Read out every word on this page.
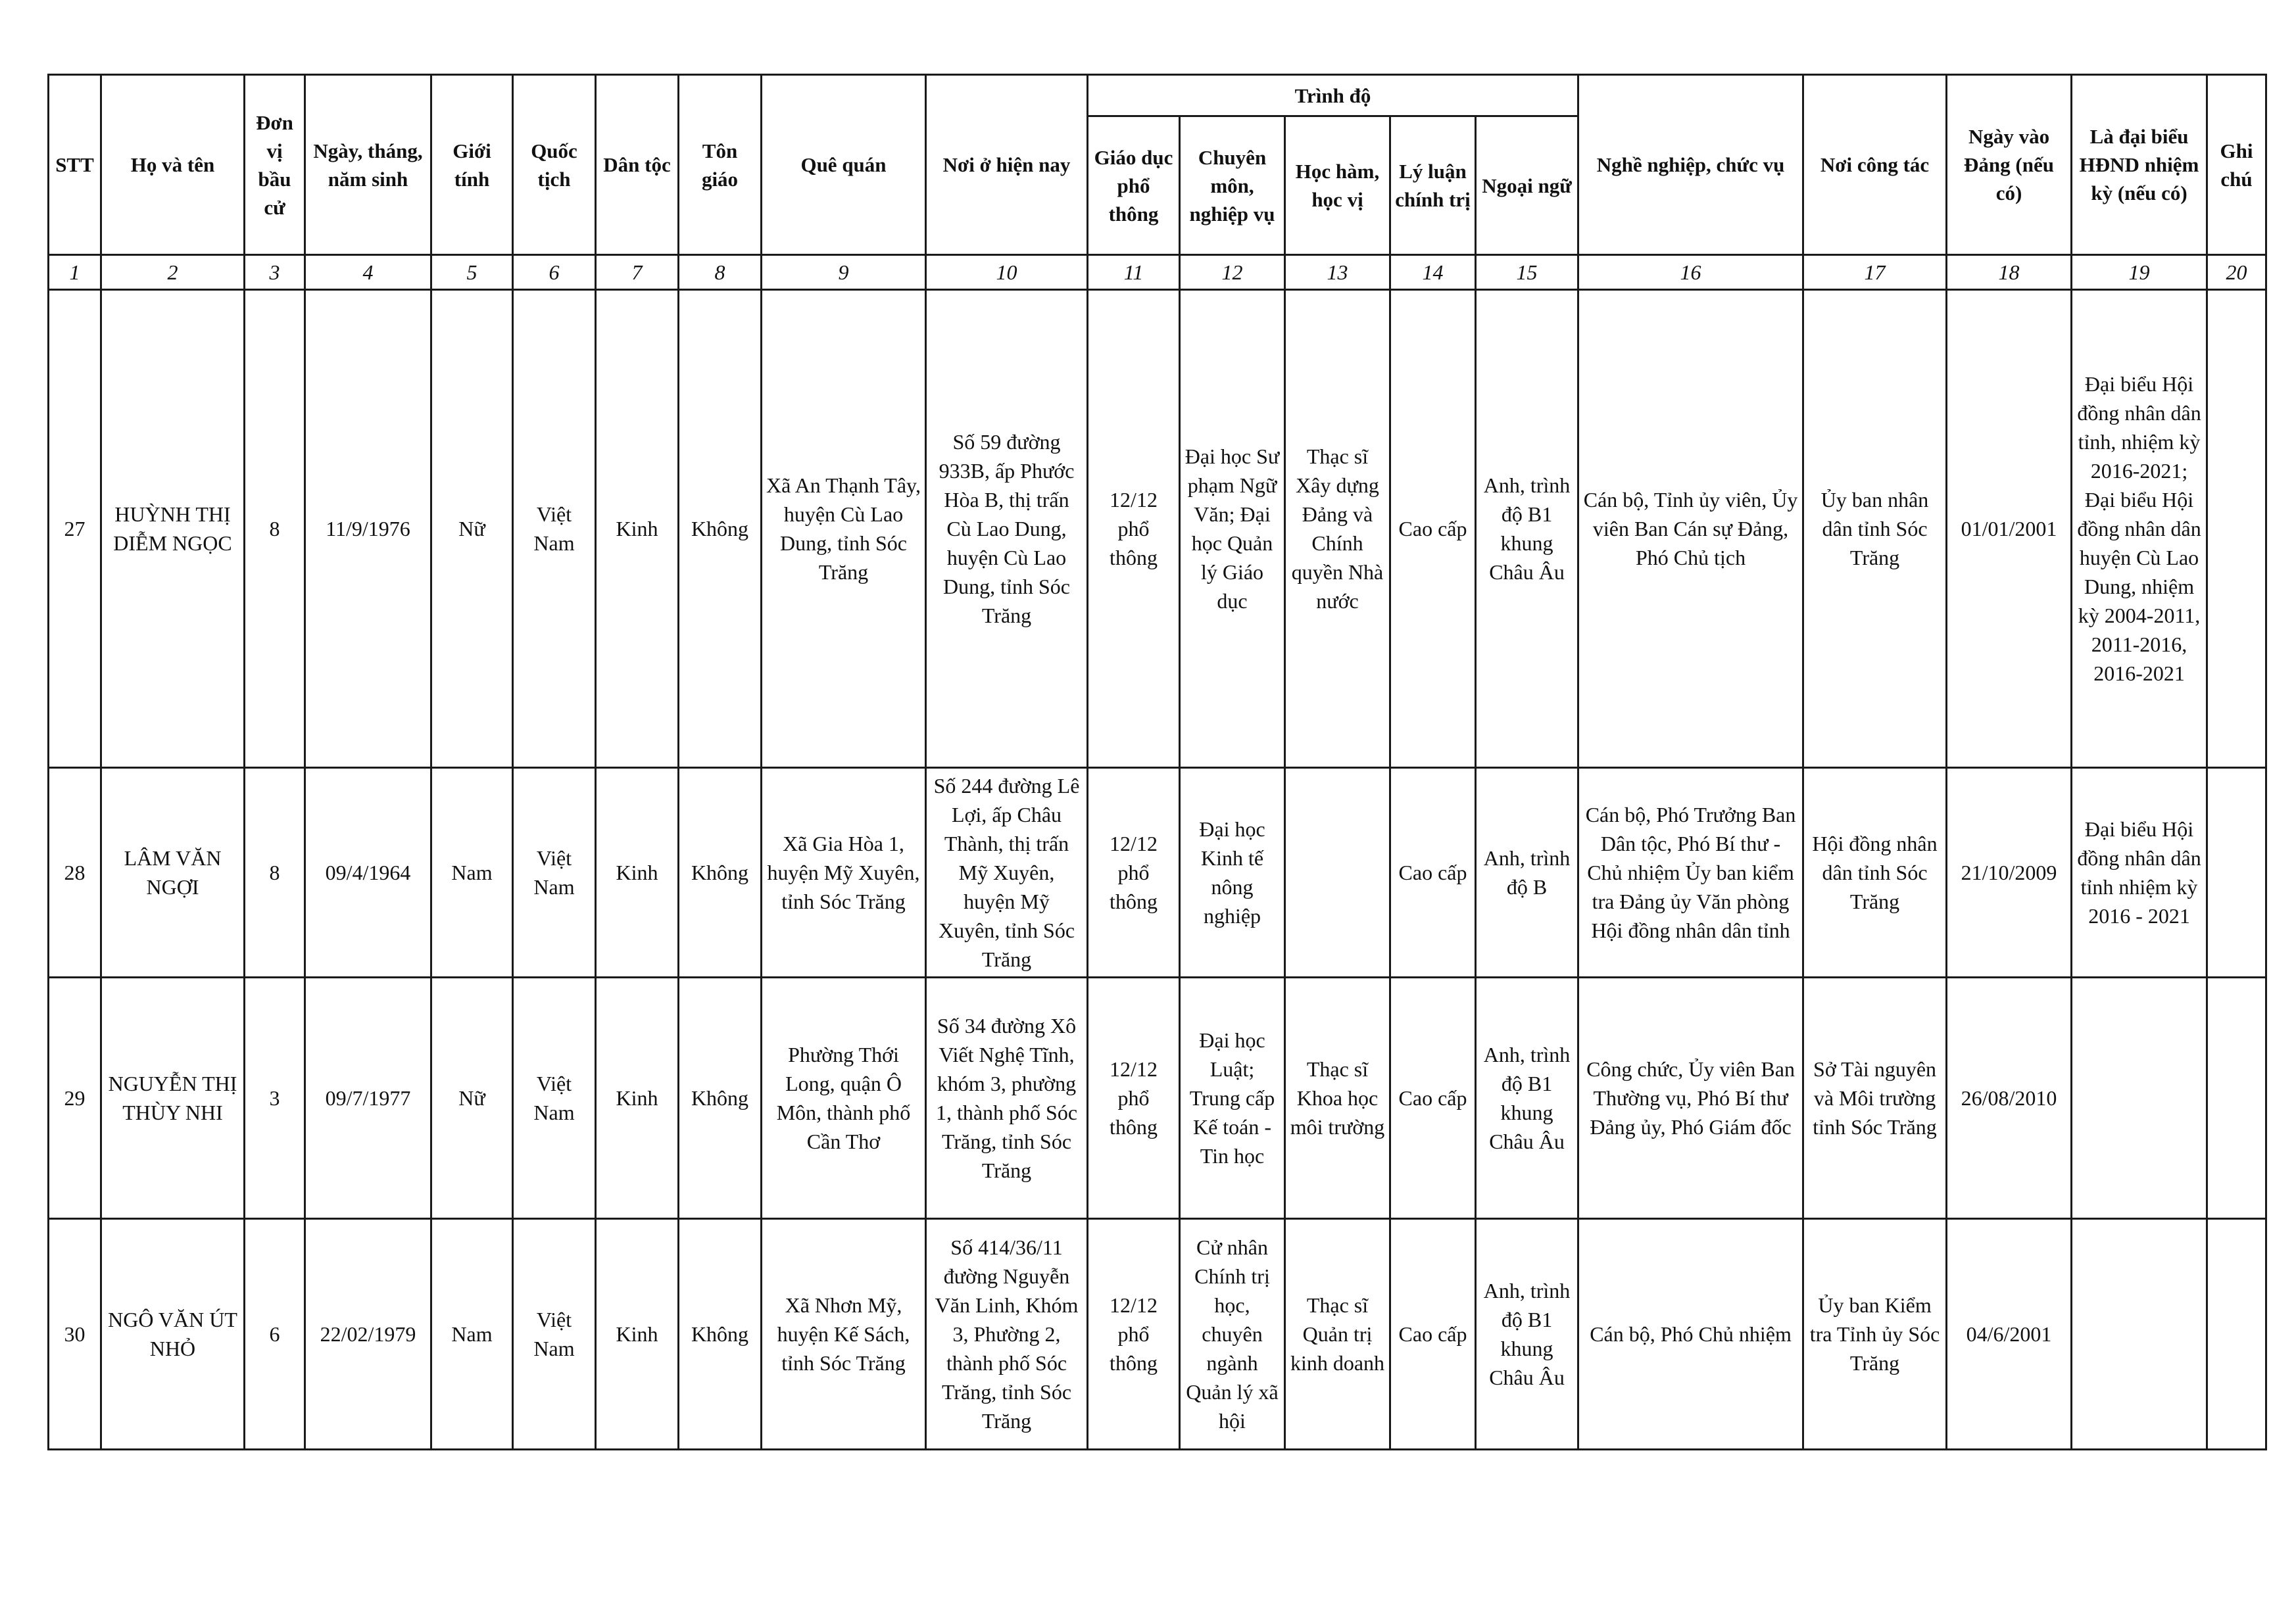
STT	Họ và tên	Đơn vị bầu cử	Ngày, tháng, năm sinh	Giới tính	Quốc tịch	Dân tộc	Tôn giáo	Quê quán	Nơi ở hiện nay	Trình độ					Nghề nghiệp, chức vụ	Nơi công tác	Ngày vào Đảng (nếu có)	Là đại biểu HĐND nhiệm kỳ (nếu có)	Ghi chú
										Giáo dục phổ thông	Chuyên môn, nghiệp vụ	Học hàm, học vị	Lý luận chính trị	Ngoại ngữ					
1	2	3	4	5	6	7	8	9	10	11	12	13	14	15	16	17	18	19	20
27	HUỲNH THỊ DIỄM NGỌC	8	11/9/1976	Nữ	Việt Nam	Kinh	Không	Xã An Thạnh Tây, huyện Cù Lao Dung, tỉnh Sóc Trăng	Số 59 đường 933B, ấp Phước Hòa B, thị trấn Cù Lao Dung, huyện Cù Lao Dung, tỉnh Sóc Trăng	12/12 phổ thông	Đại học Sư phạm Ngữ Văn; Đại học Quản lý Giáo dục	Thạc sĩ Xây dựng Đảng và Chính quyền Nhà nước	Cao cấp	Anh, trình độ B1 khung Châu Âu	Cán bộ, Tỉnh ủy viên, Ủy viên Ban Cán sự Đảng, Phó Chủ tịch	Ủy ban nhân dân tỉnh Sóc Trăng	01/01/2001	Đại biểu Hội đồng nhân dân tỉnh, nhiệm kỳ 2016-2021; Đại biểu Hội đồng nhân dân huyện Cù Lao Dung, nhiệm kỳ 2004-2011, 2011-2016, 2016-2021	
28	LÂM VĂN NGỢI	8	09/4/1964	Nam	Việt Nam	Kinh	Không	Xã Gia Hòa 1, huyện Mỹ Xuyên, tỉnh Sóc Trăng	Số 244 đường Lê Lợi, ấp Châu Thành, thị trấn Mỹ Xuyên, huyện Mỹ Xuyên, tỉnh Sóc Trăng	12/12 phổ thông	Đại học Kinh tế nông nghiệp		Cao cấp	Anh, trình độ B	Cán bộ, Phó Trưởng Ban Dân tộc, Phó Bí thư - Chủ nhiệm Ủy ban kiểm tra Đảng ủy Văn phòng Hội đồng nhân dân tỉnh	Hội đồng nhân dân tỉnh Sóc Trăng	21/10/2009	Đại biểu Hội đồng nhân dân tỉnh nhiệm kỳ 2016 - 2021	
29	NGUYỄN THỊ THÙY NHI	3	09/7/1977	Nữ	Việt Nam	Kinh	Không	Phường Thới Long, quận Ô Môn, thành phố Cần Thơ	Số 34 đường Xô Viết Nghệ Tĩnh, khóm 3, phường 1, thành phố Sóc Trăng, tỉnh Sóc Trăng	12/12 phổ thông	Đại học Luật; Trung cấp Kế toán - Tin học	Thạc sĩ Khoa học môi trường	Cao cấp	Anh, trình độ B1 khung Châu Âu	Công chức, Ủy viên Ban Thường vụ, Phó Bí thư Đảng ủy, Phó Giám đốc	Sở Tài nguyên và Môi trường tỉnh Sóc Trăng	26/08/2010		
30	NGÔ VĂN ÚT NHỎ	6	22/02/1979	Nam	Việt Nam	Kinh	Không	Xã Nhơn Mỹ, huyện Kế Sách, tỉnh Sóc Trăng	Số 414/36/11 đường Nguyễn Văn Linh, Khóm 3, Phường 2, thành phố Sóc Trăng, tỉnh Sóc Trăng	12/12 phổ thông	Cử nhân Chính trị học, chuyên ngành Quản lý xã hội	Thạc sĩ Quản trị kinh doanh	Cao cấp	Anh, trình độ B1 khung Châu Âu	Cán bộ, Phó Chủ nhiệm	Ủy ban Kiểm tra Tỉnh ủy Sóc Trăng	04/6/2001		
